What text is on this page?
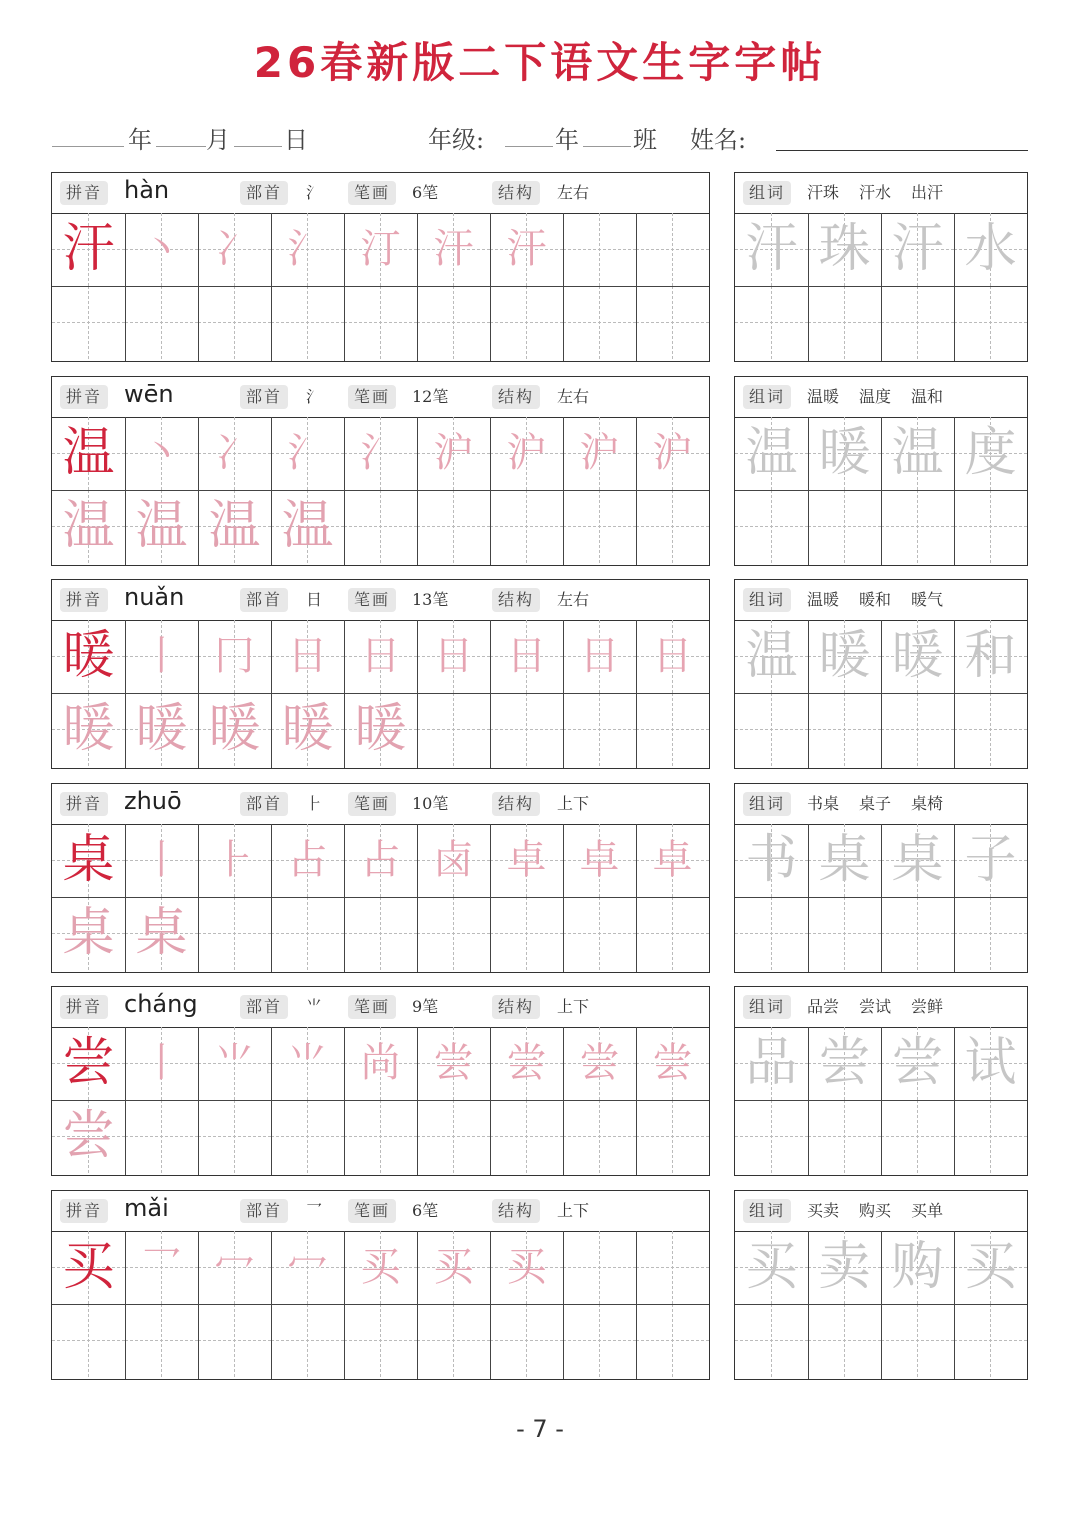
26春新版二下语文生字字帖
年 月 日	年级:	年 班 姓名:
拼音 hàn	部首	氵	笔画	6笔	结构	左右
汗 丶 冫 氵 汀 汗 汗
组词	汗珠 汗水 出汗
汗 珠 汗 水
拼音 wēn	部首	氵	笔画	12笔	结构	左右
温 丶 冫 氵 氵 沪 沪 沪 沪
温 温 温 温
组词	温暖 温度 温和
温 暖 温 度
拼音 nuǎn	部首	日	笔画	13笔	结构	左右
暖 丨 冂 日 日 日 日 日 日
暖 暖 暖 暖 暖
组词	温暖 暖和 暖气
温 暖 暖 和
拼音 zhuō	部首	⺊	笔画	10笔	结构	上下
桌 丨 ⺊ 占 占 卤 卓 卓 卓
桌 桌
组词	书桌 桌子 桌椅
书 桌 桌 子
拼音 cháng	部首	⺌	笔画	9笔	结构	上下
尝 丨 ⺌ ⺌ 尚 尝 尝 尝 尝
尝
组词	品尝 尝试 尝鲜
品 尝 尝 试
拼音 mǎi	部首	乛	笔画	6笔	结构	上下
买 乛 冖 冖 买 买 买
组词	买卖 购买 买单
买 卖 购 买
- 7 -
